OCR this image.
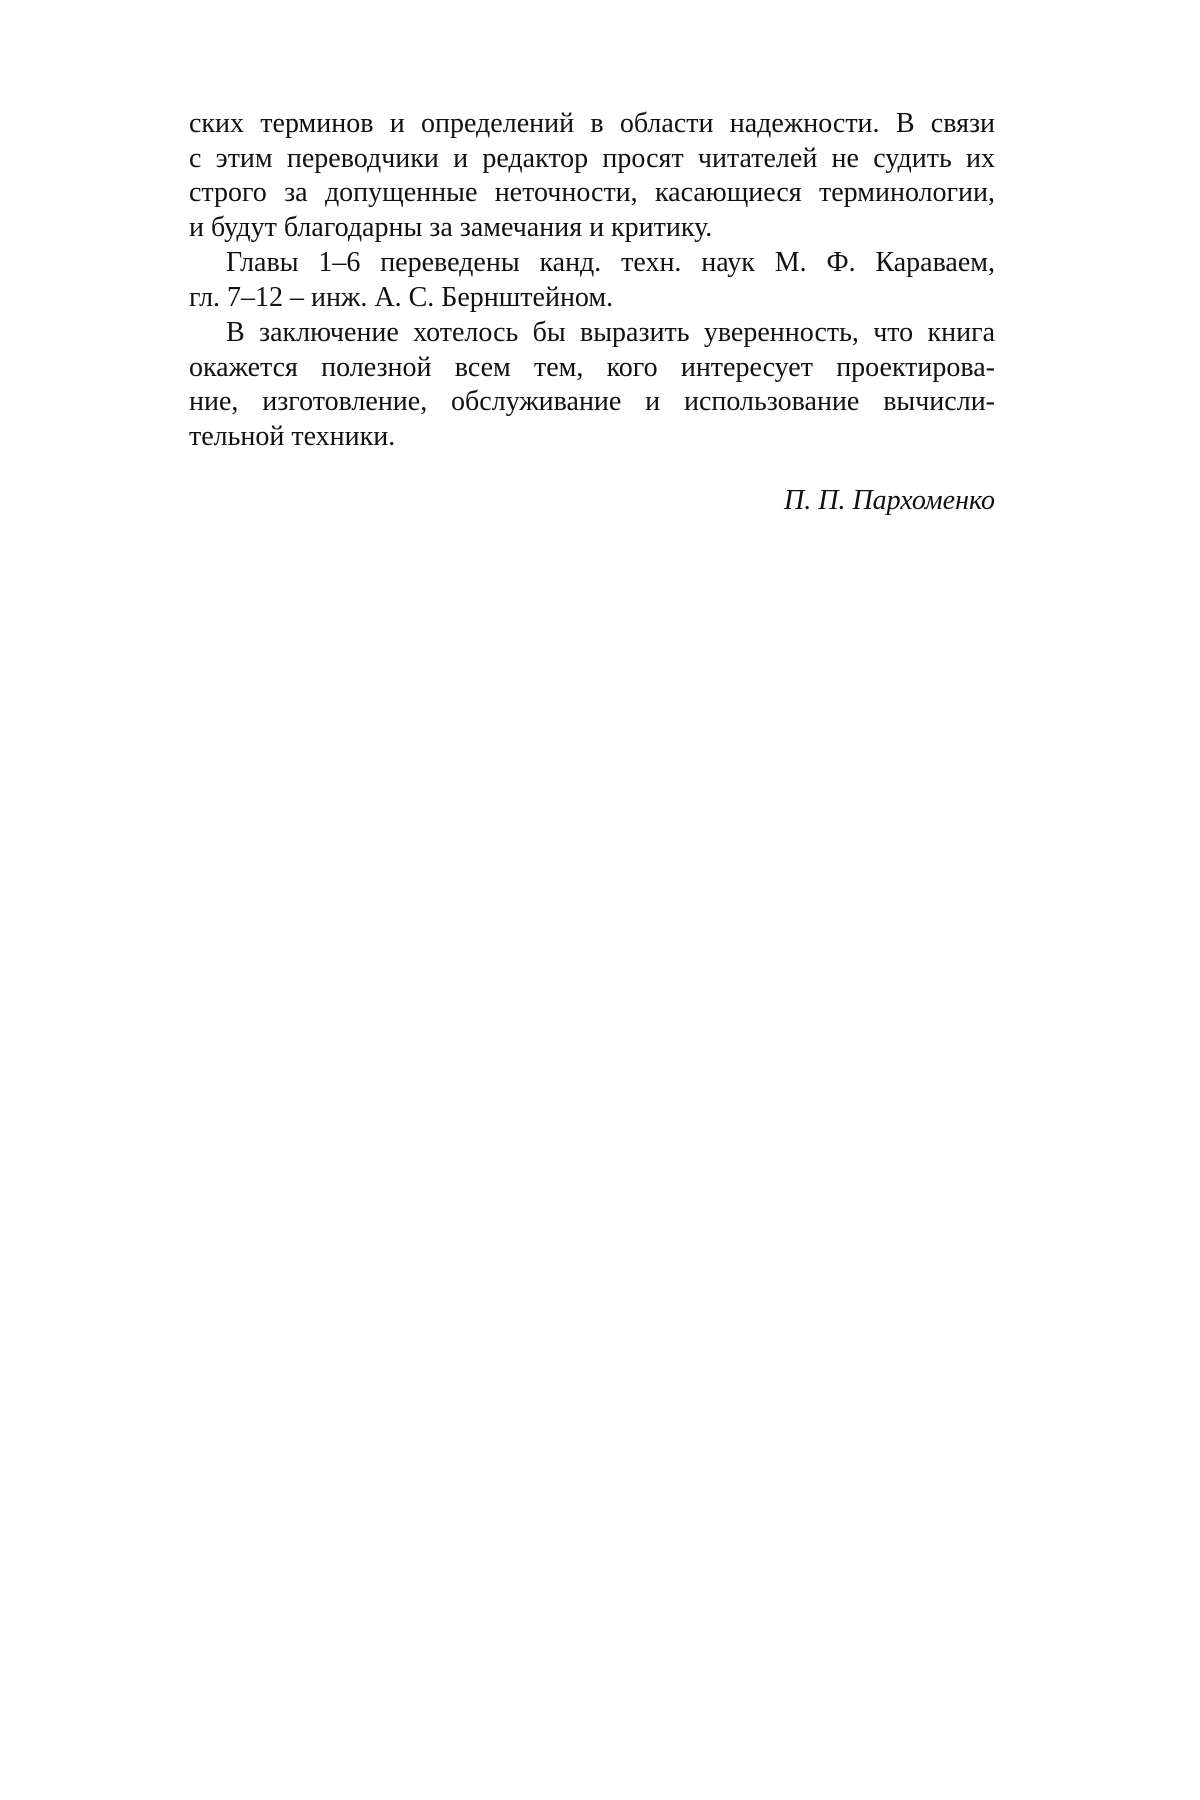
ских терминов и определений в области надежности. В связи
с этим переводчики и редактор просят читателей не судить их
строго за допущенные неточности, касающиеся терминологии,
и будут благодарны за замечания и критику.
Главы 1–6 переведены канд. техн. наук М. Ф. Караваем,
гл. 7–12 – инж. А. С. Бернштейном.
В заключение хотелось бы выразить уверенность, что книга
окажется полезной всем тем, кого интересует проектирова-
ние, изготовление, обслуживание и использование вычисли-
тельной техники.
П. П. Пархоменко
